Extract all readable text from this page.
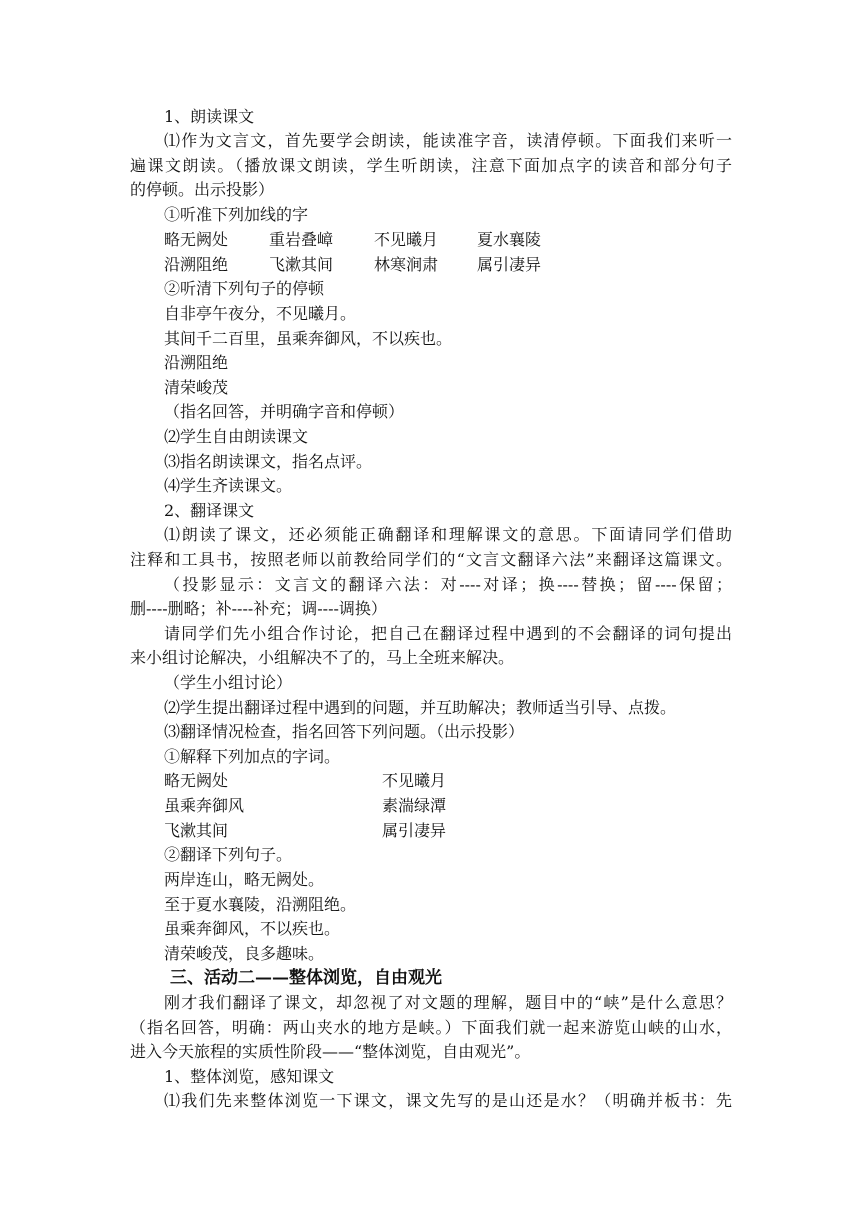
1、朗读课文
⑴作为文言文，首先要学会朗读，能读准字音，读清停顿。下面我们来听一
遍课文朗读。（播放课文朗读，学生听朗读，注意下面加点字的读音和部分句子
的停顿。出示投影）
①听准下列加线的字
略无阙处	重岩叠嶂	不见曦月 夏水襄陵
沿溯阻绝	飞漱其间	林寒涧肃 属引凄异
②听清下列句子的停顿
自非亭午夜分，不见曦月。
其间千二百里，虽乘奔御风，不以疾也。
沿溯阻绝
清荣峻茂
（指名回答，并明确字音和停顿）
⑵学生自由朗读课文
⑶指名朗读课文，指名点评。
⑷学生齐读课文。
2、翻译课文
⑴朗读了课文，还必须能正确翻译和理解课文的意思。下面请同学们借助
注释和工具书，按照老师以前教给同学们的“文言文翻译六法”来翻译这篇课文。
（投影显示：文言文的翻译六法：对----对译；换----替换；留----保留；
删----删略；补----补充；调----调换）
请同学们先小组合作讨论，把自己在翻译过程中遇到的不会翻译的词句提出
来小组讨论解决，小组解决不了的，马上全班来解决。
（学生小组讨论）
⑵学生提出翻译过程中遇到的问题，并互助解决；教师适当引导、点拨。
⑶翻译情况检查，指名回答下列问题。（出示投影）
①解释下列加点的字词。
略无阙处	不见曦月
虽乘奔御风	素湍绿潭
飞漱其间	属引凄异
②翻译下列句子。
两岸连山，略无阙处。
至于夏水襄陵，沿溯阻绝。
虽乘奔御风，不以疾也。
清荣峻茂，良多趣味。
三、活动二——整体浏览，自由观光
刚才我们翻译了课文，却忽视了对文题的理解，题目中的“峡”是什么意思？
（指名回答，明确：两山夹水的地方是峡。）下面我们就一起来游览山峡的山水，
进入今天旅程的实质性阶段——“整体浏览，自由观光”。
1、整体浏览，感知课文
⑴我们先来整体浏览一下课文，课文先写的是山还是水？（明确并板书：先
